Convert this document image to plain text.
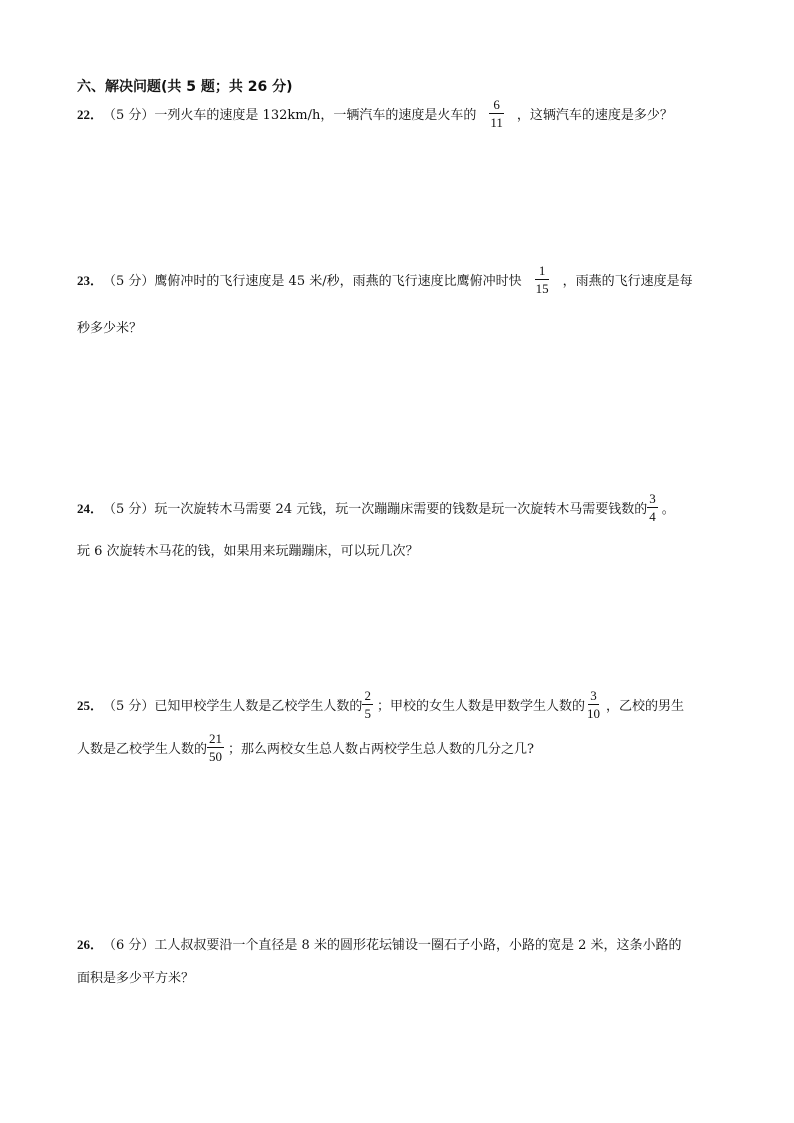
六、解决问题(共 5 题；共 26 分)
22． （5 分） 一列火车的速度是 132km/h，一辆汽车的速度是火车的 $\frac{6}{11}$ ，这辆汽车的速度是多少？
23． （5 分） 鹰俯冲时的飞行速度是 45 米/秒，雨燕的飞行速度比鹰俯冲时快 $\frac{1}{15}$ ，雨燕的飞行速度是每
秒多少米？
24． （5 分） 玩一次旋转木马需要 24 元钱，玩一次蹦蹦床需要的钱数是玩一次旋转木马需要钱数的 $\frac{3}{4}$ 。
玩 6 次旋转木马花的钱，如果用来玩蹦蹦床，可以玩几次？
25． （5 分） 已知甲校学生人数是乙校学生人数的 $\frac{2}{5}$ ；甲校的女生人数是甲数学生人数的 $\frac{3}{10}$ ，乙校的男生
人数是乙校学生人数的 $\frac{21}{50}$ ；那么两校女生总人数占两校学生总人数的几分之几?
26． （6 分） 工人叔叔要沿一个直径是 8 米的圆形花坛铺设一圈石子小路，小路的宽是 2 米，这条小路的
面积是多少平方米？
